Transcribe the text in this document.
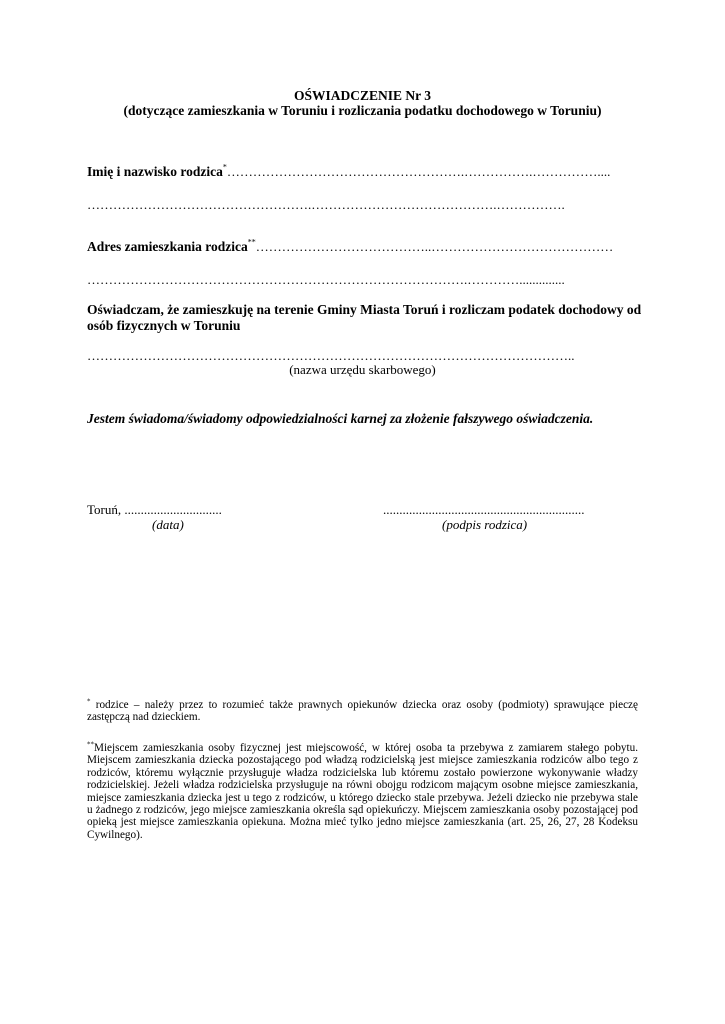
OŚWIADCZENIE Nr 3
(dotyczące zamieszkania w Toruniu i rozliczania podatku dochodowego w Toruniu)
Imię i nazwisko rodzica*……………………………………………….…………….……………....
…………………………………………….…………………………………….…………….
Adres zamieszkania rodzica**…………………………………..……………………………………
…………………………………………………………………………….…………..............
Oświadczam, że zamieszkuję na terenie Gminy Miasta Toruń i rozliczam podatek dochodowy od
osób fizycznych w Toruniu
…………………………………………………………………………………………………..
(nazwa urzędu skarbowego)
Jestem świadoma/świadomy odpowiedzialności karnej za złożenie fałszywego oświadczenia.
Toruń, ..............................
(data)
..............................................................
(podpis rodzica)
* rodzice – należy przez to rozumieć także prawnych opiekunów dziecka oraz osoby (podmioty) sprawujące pieczę zastępczą nad dzieckiem.
**Miejscem zamieszkania osoby fizycznej jest miejscowość, w której osoba ta przebywa z zamiarem stałego pobytu. Miejscem zamieszkania dziecka pozostającego pod władzą rodzicielską jest miejsce zamieszkania rodziców albo tego z rodziców, któremu wyłącznie przysługuje władza rodzicielska lub któremu zostało powierzone wykonywanie władzy rodzicielskiej. Jeżeli władza rodzicielska przysługuje na równi obojgu rodzicom mającym osobne miejsce zamieszkania, miejsce zamieszkania dziecka jest u tego z rodziców, u którego dziecko stale przebywa. Jeżeli dziecko nie przebywa stale u żadnego z rodziców, jego miejsce zamieszkania określa sąd opiekuńczy. Miejscem zamieszkania osoby pozostającej pod opieką jest miejsce zamieszkania opiekuna. Można mieć tylko jedno miejsce zamieszkania (art. 25, 26, 27, 28 Kodeksu Cywilnego).
